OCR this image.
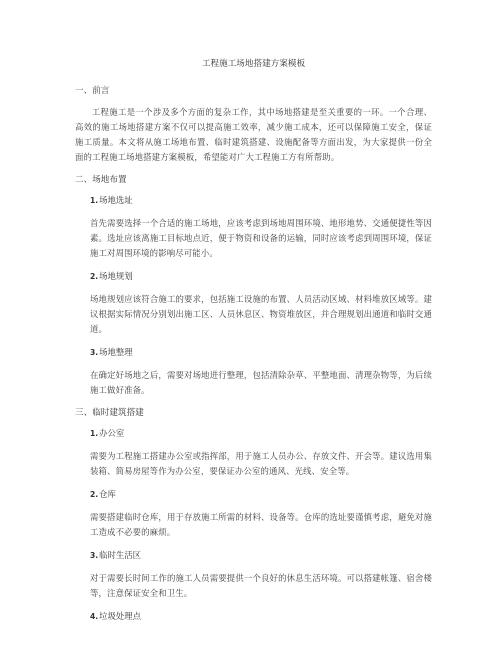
工程施工场地搭建方案模板
一、前言

工程施工是一个涉及多个方面的复杂工作，其中场地搭建是至关重要的一环。一个合理、高效的施工场地搭建方案不仅可以提高施工效率，减少施工成本，还可以保障施工安全，保证施工质量。本文将从施工场地布置、临时建筑搭建、设施配备等方面出发，为大家提供一份全面的工程施工场地搭建方案模板，希望能对广大工程施工方有所帮助。

二、场地布置
1.场地选址

首先需要选择一个合适的施工场地，应该考虑到场地周围环境、地形地势、交通便捷性等因素。选址应该离施工目标地点近，便于物资和设备的运输，同时应该考虑到周围环境，保证施工对周围环境的影响尽可能小。

2.场地规划

场地规划应该符合施工的要求，包括施工设施的布置、人员活动区域、材料堆放区域等。建议根据实际情况分别划出施工区、人员休息区、物资堆放区，并合理规划出通道和临时交通道。

3.场地整理

在确定好场地之后，需要对场地进行整理，包括清除杂草、平整地面、清理杂物等，为后续施工做好准备。

三、临时建筑搭建
1.办公室

需要为工程施工搭建办公室或指挥部，用于施工人员办公、存放文件、开会等。建议选用集装箱、简易房屋等作为办公室，要保证办公室的通风、光线、安全等。

2.仓库

需要搭建临时仓库，用于存放施工所需的材料、设备等。仓库的选址要谨慎考虑，避免对施工造成不必要的麻烦。

3.临时生活区

对于需要长时间工作的施工人员需要提供一个良好的休息生活环境。可以搭建帐篷、宿舍楼等，注意保证安全和卫生。

4.垃圾处理点
